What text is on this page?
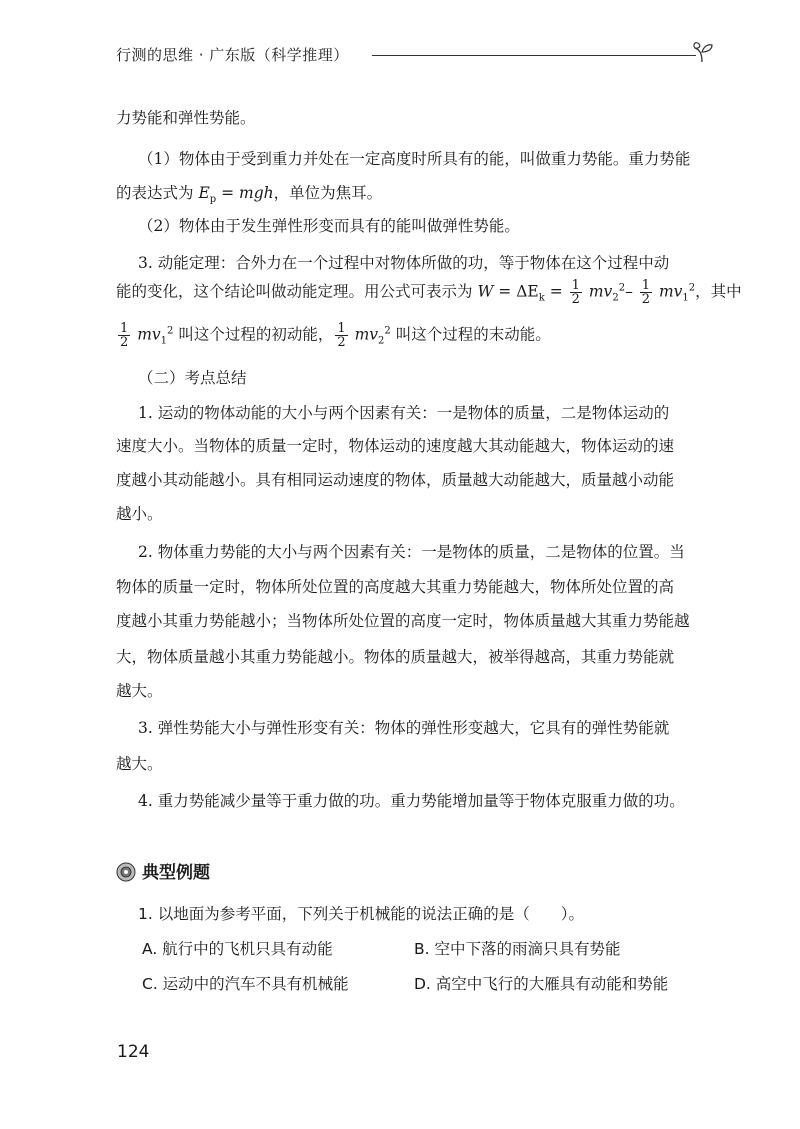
行测的思维 · 广东版（科学推理）
力势能和弹性势能。
（1）物体由于受到重力并处在一定高度时所具有的能，叫做重力势能。重力势能
的表达式为 $E_p$ = mgh，单位为焦耳。
（2）物体由于发生弹性形变而具有的能叫做弹性势能。
3. 动能定理：合外力在一个过程中对物体所做的功，等于物体在这个过程中动
能的变化，这个结论叫做动能定理。用公式可表示为 $W = \Delta E_k = \frac{1}{2} mv_2^2- \frac{1}{2} mv_1^2$，其中
$\frac{1}{2} mv_1^2$ 叫这个过程的初动能， $\frac{1}{2} mv_2^2$ 叫这个过程的末动能。
（二）考点总结
1. 运动的物体动能的大小与两个因素有关：一是物体的质量，二是物体运动的
速度大小。当物体的质量一定时，物体运动的速度越大其动能越大，物体运动的速
度越小其动能越小。具有相同运动速度的物体，质量越大动能越大，质量越小动能
越小。
2. 物体重力势能的大小与两个因素有关：一是物体的质量，二是物体的位置。当
物体的质量一定时，物体所处位置的高度越大其重力势能越大，物体所处位置的高
度越小其重力势能越小；当物体所处位置的高度一定时，物体质量越大其重力势能越
大，物体质量越小其重力势能越小。物体的质量越大，被举得越高，其重力势能就
越大。
3. 弹性势能大小与弹性形变有关：物体的弹性形变越大，它具有的弹性势能就
越大。
4. 重力势能减少量等于重力做的功。重力势能增加量等于物体克服重力做的功。
典型例题
1. 以地面为参考平面，下列关于机械能的说法正确的是（　　）。
A. 航行中的飞机只具有动能	B. 空中下落的雨滴只具有势能
C. 运动中的汽车不具有机械能	D. 高空中飞行的大雁具有动能和势能
124
